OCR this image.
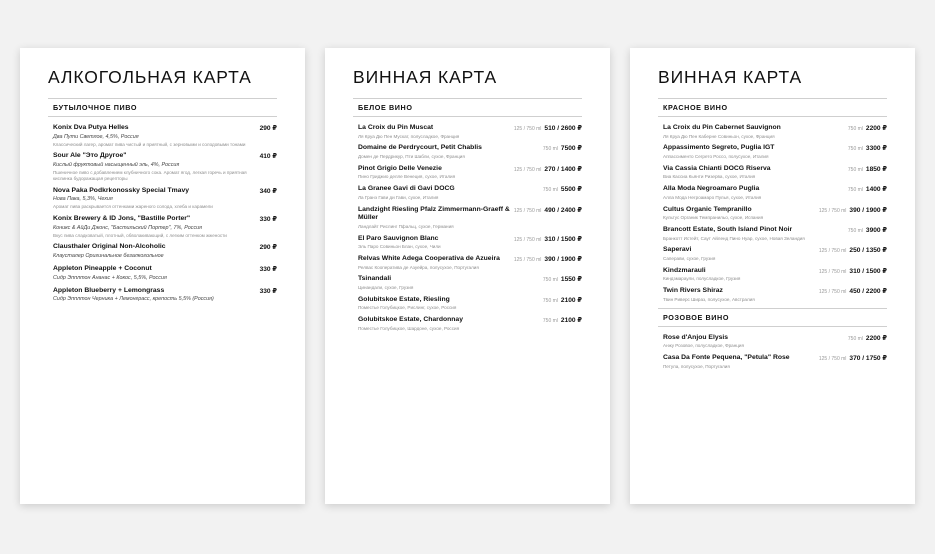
АЛКОГОЛЬНАЯ КАРТА
БУТЫЛОЧНОЕ ПИВО
Konix Dva Putya Helles	290 ₽
Два Пути Светлое, 4,5%, Россия
Классический лагер, аромат пива чистый и приятный, с зерновыми и солодовыми тонами
Sour Ale "Это Другое"	410 ₽
Кислый фруктовый насыщенный эль, 4%, Россия
Пшеничное пиво с добавлением клубничного сока. Аромат ягод, легкая горечь и приятная кислинка будоражащая рецепторы
Nova Paka Podkrkonossky Special Tmavy	340 ₽
Нова Пака, 5,3%, Чехия
Аромат пива раскрывается оттенками жареного солода, хлеба и карамели
Konix Brewery & ID Jons, "Bastille Porter"	330 ₽
Коникс & АйДи Джонс, "Бастильский Портер", 7%, Россия
Вкус пива сладковатый, плотный, обволакивающий, с легким оттенком жжености
Clausthaler Original Non-Alcoholic	290 ₽
Клаусталер Оригинальное безалкогольное
Appleton Pineapple + Coconut	330 ₽
Сидр Эпплтон Ананас + Кокос, 5,5%, Россия
Appleton Blueberry + Lemongrass	330 ₽
Сидр Эпплтон Черника + Лемонграсс, крепость 5,5% (Россия)
ВИННАЯ КАРТА
БЕЛОЕ ВИНО
La Croix du Pin Muscat	125 / 750 ml 510 / 2600 ₽
Ля Круа Дю Пен Мускат, полусладкое, Франция
Domaine de Perdrycourt, Petit Chablis	750 ml 7500 ₽
Домен де Пердрикур, Пти Шабли, сухое, Франция
Pinot Grigio Delle Venezie	125 / 750 ml 270 / 1400 ₽
Пино Гриджио делле Венеция, сухое, Италия
La Granee Gavi di Gavi DOCG	750 ml 5500 ₽
Ла Гранэ Гави ди Гави, сухое, Италия
Landzight Riesling Pfalz Zimmermann-Graeff & Müller
125 / 750 ml 490 / 2400 ₽
Ландлайт Рислинг Пфальц, сухое, Германия
El Paro Sauvignon Blanc	125 / 750 ml 310 / 1500 ₽
Эль Паро Совиньон Блан, сухое, Чили
Relvas White Adega Cooperativa de Azueira	125 / 750 ml 390 / 1900 ₽
Релвас Кооператива де Азуейра, полусухое, Португалия
Tsinandali	750 ml 1550 ₽
Цинандали, сухое, Грузия
Golubitskoe Estate, Riesling	750 ml 2100 ₽
Поместье Голубицкое, Рислинг, сухое, Россия
Golubitskoe Estate, Chardonnay	750 ml 2100 ₽
Поместье Голубицкое, Шардоне, сухое, Россия
ВИННАЯ КАРТА
КРАСНОЕ ВИНО
La Croix du Pin Cabernet Sauvignon	750 ml 2200 ₽
Ля Круа Дю Пен Каберне Совиньон, сухое, Франция
Appassimento Segreto, Puglia IGT	750 ml 3300 ₽
Аппассименто Сегрето Россо, полусухое, Италия
Via Cassia Chianti DOCG Riserva	750 ml 1850 ₽
Виа Кассиа Кьянти Ризерва, сухое, Италия
Alla Moda Negroamaro Puglia	750 ml 1400 ₽
Алла Мода Негроамаро Пулья, сухое, Италия
Cultus Organic Tempranillo	125 / 750 ml 390 / 1900 ₽
Культус Органик Темпранильо, сухое, Испания
Brancott Estate, South Island Pinot Noir	750 ml 3900 ₽
Бранкотт Истейт, Саут Айленд Пино Нуар, сухое, Новая Зеландия
Saperavi	125 / 750 ml 250 / 1350 ₽
Саперави, сухое, Грузия
Kindzmarauli	125 / 750 ml 310 / 1500 ₽
Киндзмараули, полусладкое, Грузия
Twin Rivers Shiraz	125 / 750 ml 450 / 2200 ₽
Твин Риверс Шираз, полусухое, Австралия
РОЗОВОЕ ВИНО
Rose d'Anjou Elysis	750 ml 2200 ₽
Анжу Розовое, полусладкое, Франция
Casa Da Fonte Pequena, "Petula" Rose	125 / 750 ml 370 / 1750 ₽
Петула, полусухое, Португалия
